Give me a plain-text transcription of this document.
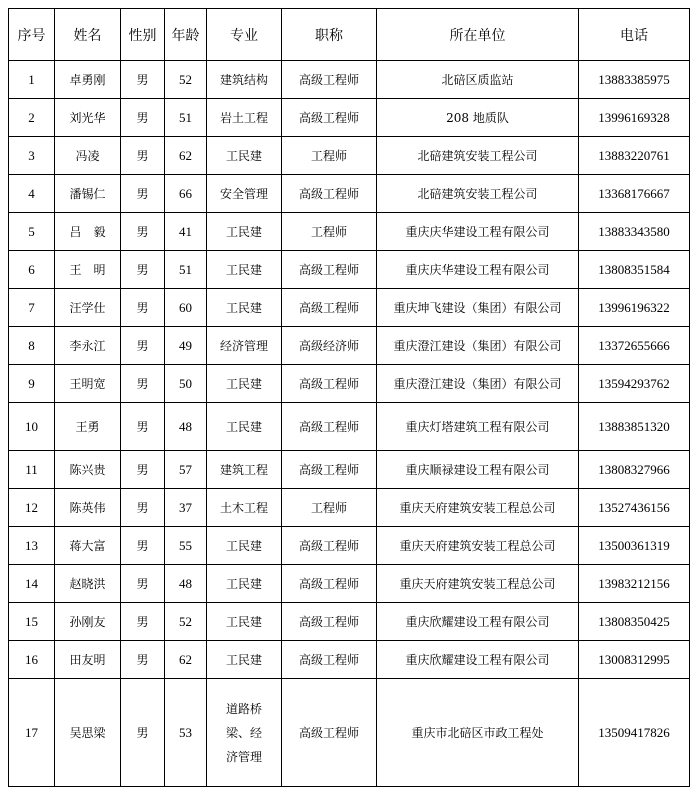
序号	姓名	性别	年龄	专业	职称	所在单位	电话
1	卓勇刚	男	52	建筑结构	高级工程师	北碚区质监站	13883385975
2	刘光华	男	51	岩土工程	高级工程师	208 地质队	13996169328
3	冯凌	男	62	工民建	工程师	北碚建筑安装工程公司	13883220761
4	潘锡仁	男	66	安全管理	高级工程师	北碚建筑安装工程公司	13368176667
5	吕　毅	男	41	工民建	工程师	重庆庆华建设工程有限公司	13883343580
6	王　明	男	51	工民建	高级工程师	重庆庆华建设工程有限公司	13808351584
7	汪学仕	男	60	工民建	高级工程师	重庆坤飞建设（集团）有限公司	13996196322
8	李永江	男	49	经济管理	高级经济师	重庆澄江建设（集团）有限公司	13372655666
9	王明宽	男	50	工民建	高级工程师	重庆澄江建设（集团）有限公司	13594293762
10	王勇	男	48	工民建	高级工程师	重庆灯塔建筑工程有限公司	13883851320
11	陈兴贵	男	57	建筑工程	高级工程师	重庆顺禄建设工程有限公司	13808327966
12	陈英伟	男	37	土木工程	工程师	重庆天府建筑安装工程总公司	13527436156
13	蒋大富	男	55	工民建	高级工程师	重庆天府建筑安装工程总公司	13500361319
14	赵晓洪	男	48	工民建	高级工程师	重庆天府建筑安装工程总公司	13983212156
15	孙刚友	男	52	工民建	高级工程师	重庆欣耀建设工程有限公司	13808350425
16	田友明	男	62	工民建	高级工程师	重庆欣耀建设工程有限公司	13008312995
17	吴思梁	男	53	道路桥梁、经济管理	高级工程师	重庆市北碚区市政工程处	13509417826
